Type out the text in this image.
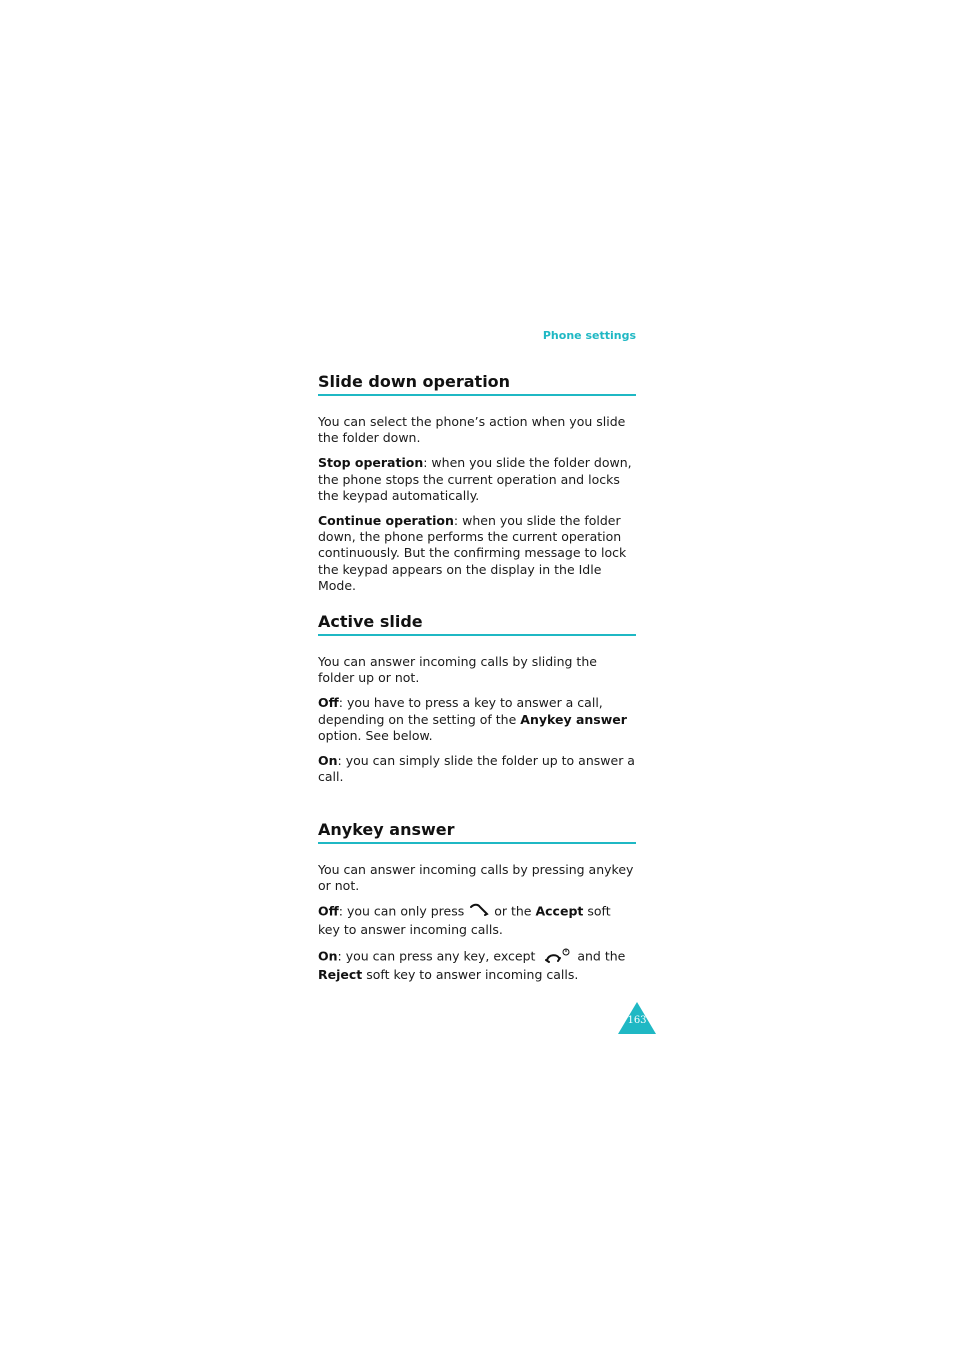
Phone settings
Slide down operation

You can select the phone’s action when you slide the folder down.

Stop operation: when you slide the folder down, the phone stops the current operation and locks the keypad automatically.

Continue operation: when you slide the folder down, the phone performs the current operation continuously. But the confirming message to lock the keypad appears on the display in the Idle Mode.

Active slide

You can answer incoming calls by sliding the folder up or not.

Off: you have to press a key to answer a call, depending on the setting of the Anykey answer option. See below.

On: you can simply slide the folder up to answer a call.

Anykey answer

You can answer incoming calls by pressing anykey or not.

Off: you can only press  or the Accept soft key to answer incoming calls.

On: you can press any key, except	and the Reject soft key to answer incoming calls.

163
